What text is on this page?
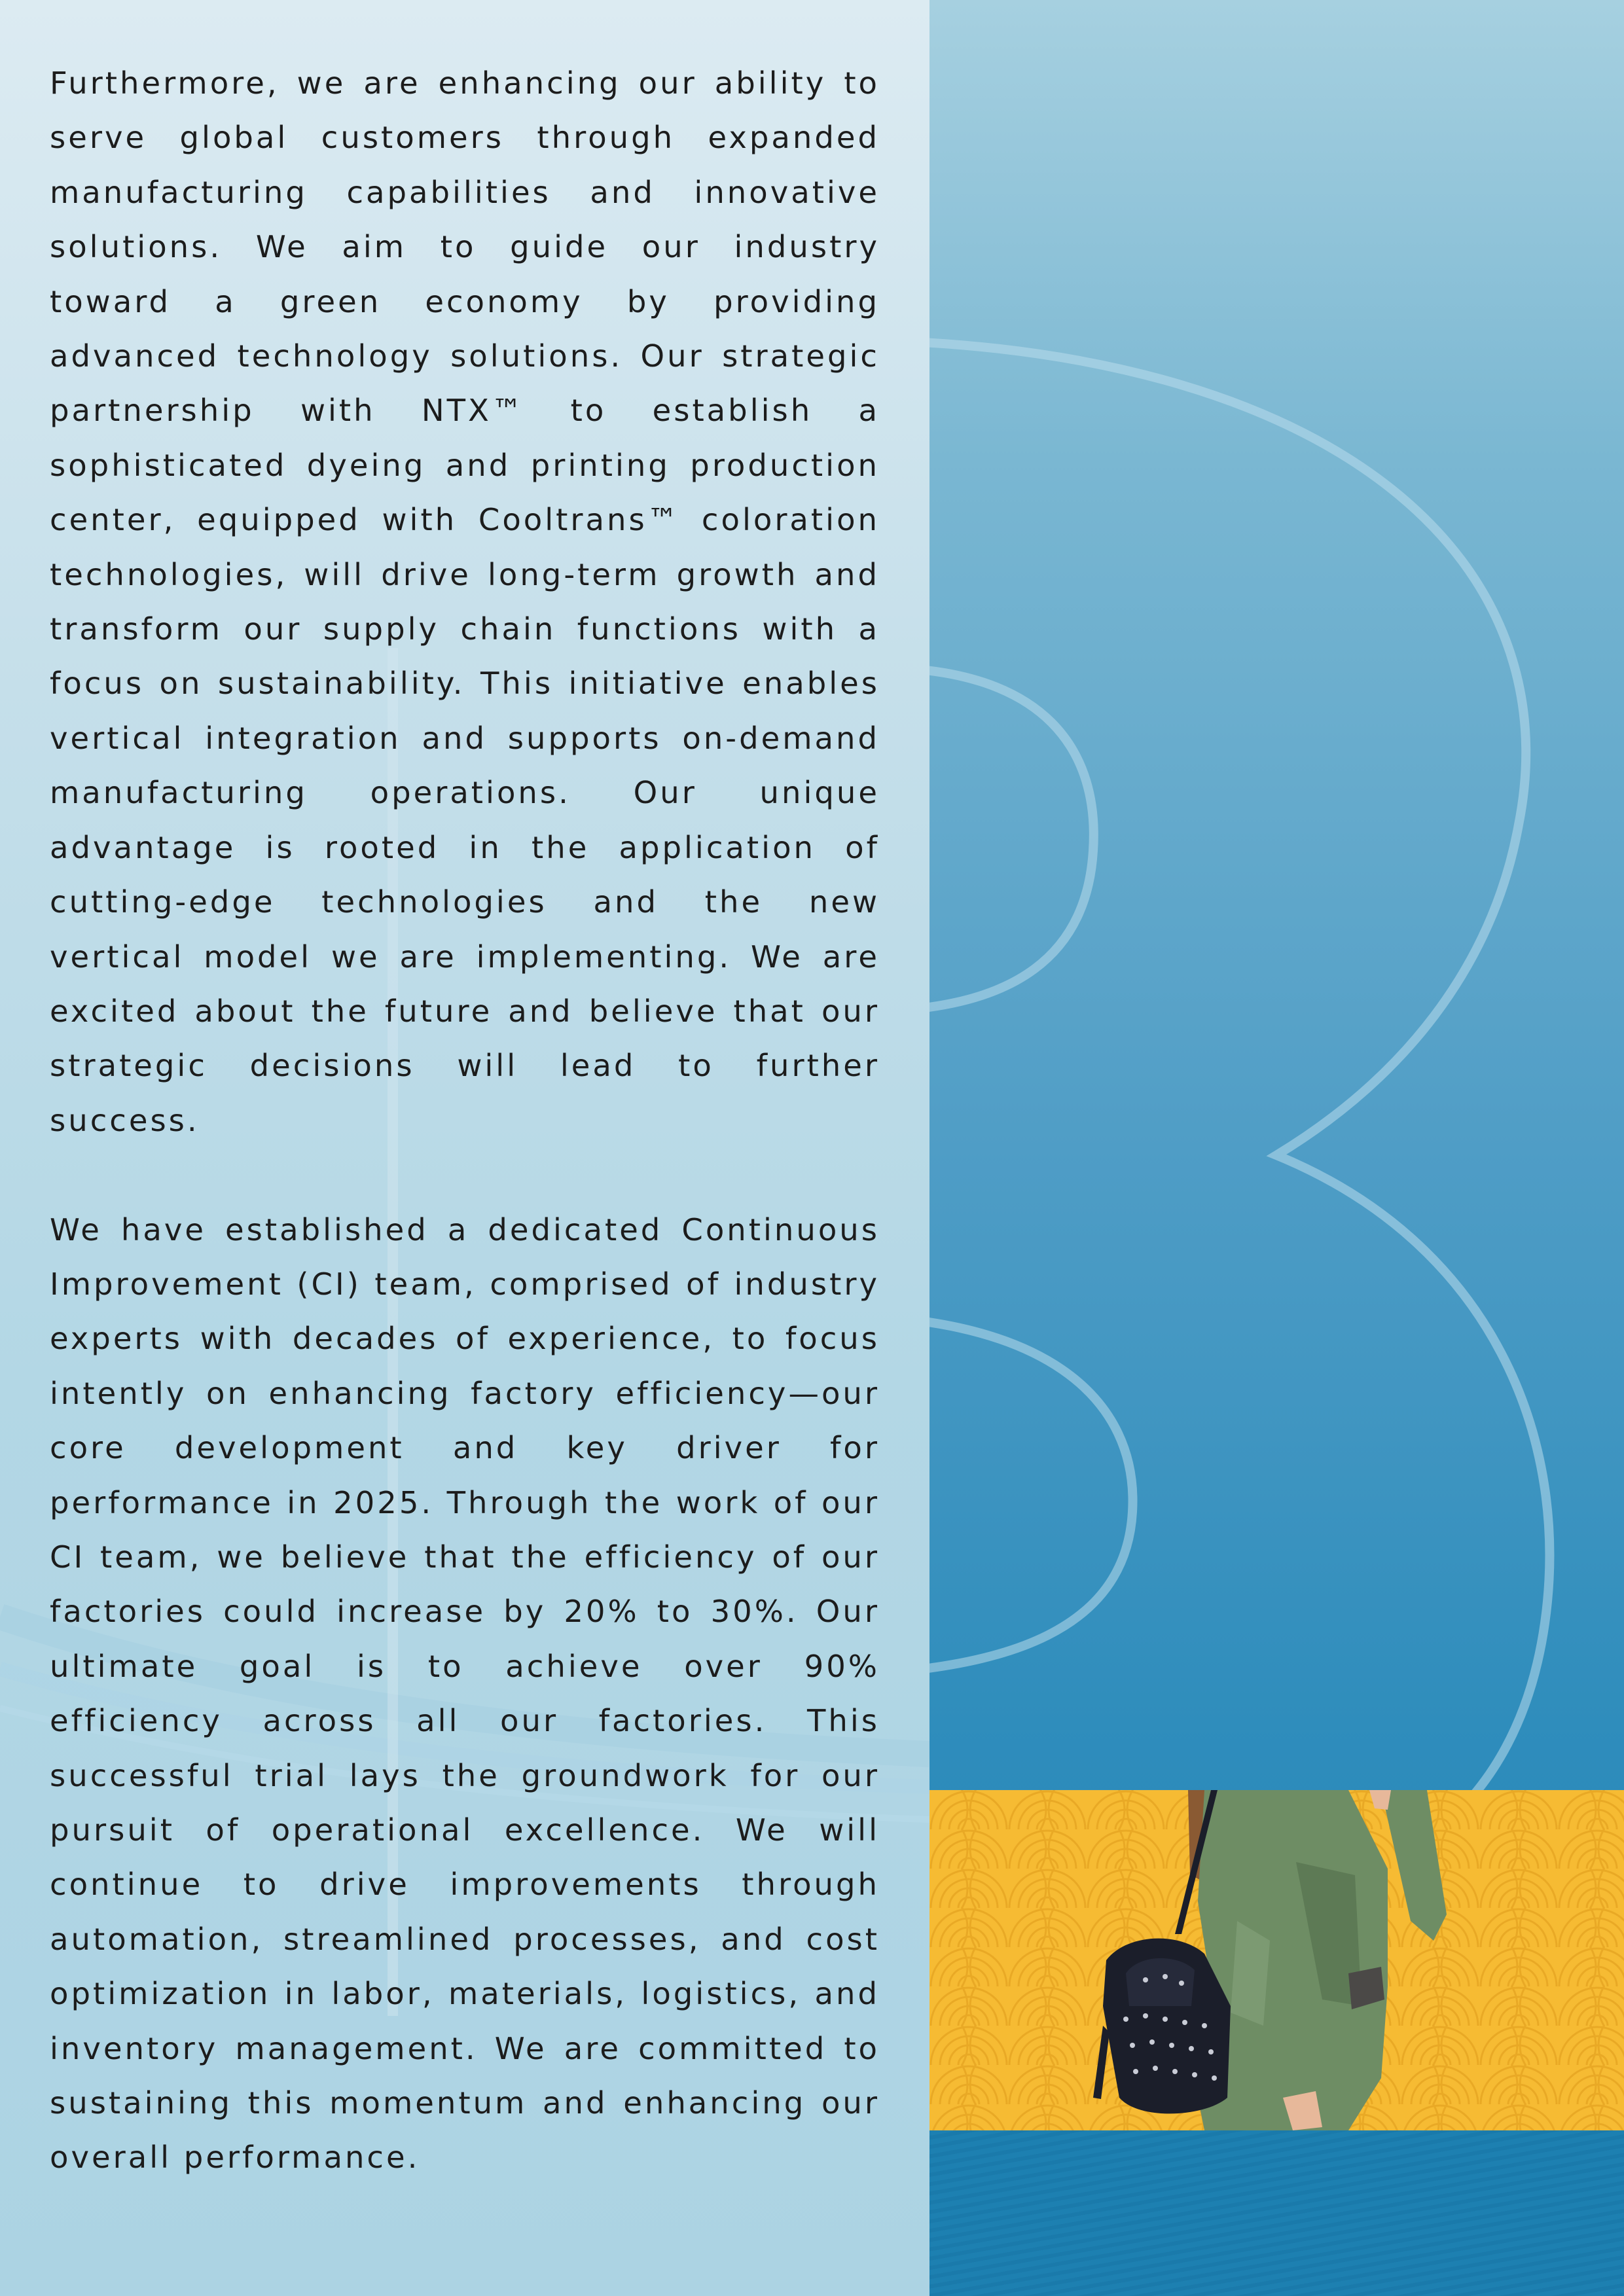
Furthermore, we are enhancing our ability to serve global customers through expanded manufacturing capabilities and innovative solutions. We aim to guide our industry toward a green economy by providing advanced technology solutions. Our strategic partnership with NTX™ to establish a sophisticated dyeing and printing production center, equipped with Cooltrans™ coloration technologies, will drive long-term growth and transform our supply chain functions with a focus on sustainability. This initiative enables vertical integration and supports on-demand manufacturing operations. Our unique advantage is rooted in the application of cutting-edge technologies and the new vertical model we are implementing. We are excited about the future and believe that our strategic decisions will lead to further success.

We have established a dedicated Continuous Improvement (CI) team, comprised of industry experts with decades of experience, to focus intently on enhancing factory efficiency—our core development and key driver for performance in 2025. Through the work of our CI team, we believe that the efficiency of our factories could increase by 20% to 30%. Our ultimate goal is to achieve over 90% efficiency across all our factories. This successful trial lays the groundwork for our pursuit of operational excellence. We will continue to drive improvements through automation, streamlined processes, and cost optimization in labor, materials, logistics, and inventory management. We are committed to sustaining this momentum and enhancing our overall performance.
